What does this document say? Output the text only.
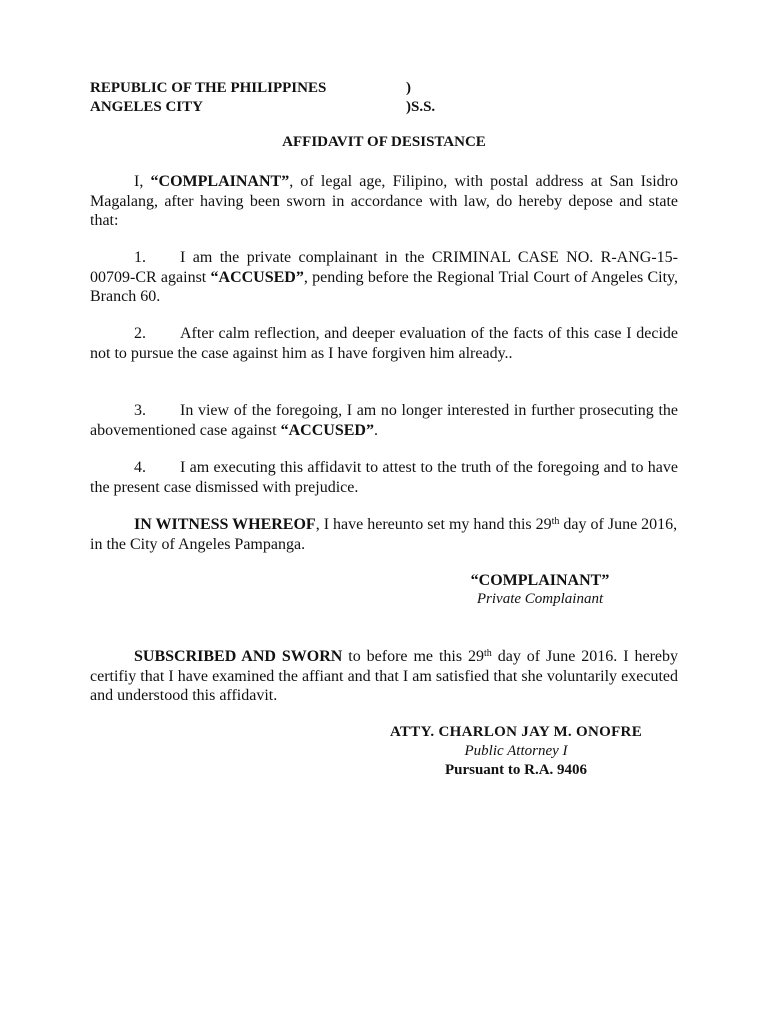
REPUBLIC OF THE PHILIPPINES	)
ANGELES CITY	)S.S.
AFFIDAVIT OF DESISTANCE
I, “COMPLAINANT”, of legal age, Filipino, with postal address at San Isidro Magalang, after having been sworn in accordance with law, do hereby depose and state that:
1. I am the private complainant in the CRIMINAL CASE NO. R-ANG-15-00709-CR against “ACCUSED”, pending before the Regional Trial Court of Angeles City, Branch 60.
2. After calm reflection, and deeper evaluation of the facts of this case I decide not to pursue the case against him as I have forgiven him already..
3. In view of the foregoing, I am no longer interested in further prosecuting the abovementioned case against “ACCUSED”.
4. I am executing this affidavit to attest to the truth of the foregoing and to have the present case dismissed with prejudice.
IN WITNESS WHEREOF, I have hereunto set my hand this 29th day of June 2016, in the City of Angeles Pampanga.
“COMPLAINANT”
Private Complainant
SUBSCRIBED AND SWORN to before me this 29th day of June 2016. I hereby certifiy that I have examined the affiant and that I am satisfied that she voluntarily executed and understood this affidavit.
ATTY. CHARLON JAY M. ONOFRE
Public Attorney I
Pursuant to R.A. 9406
